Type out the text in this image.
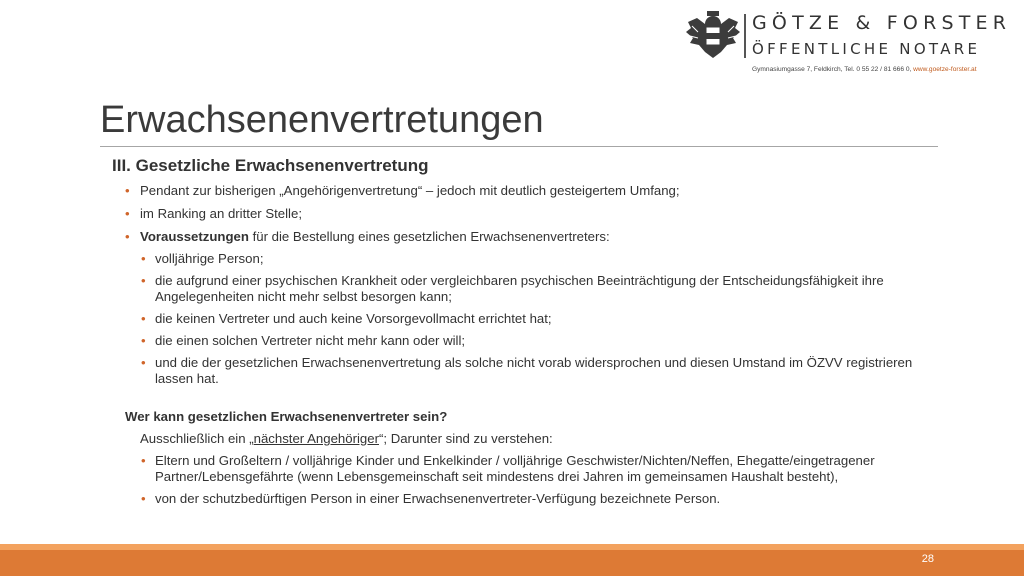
GÖTZE & FORSTER
ÖFFENTLICHE NOTARE
Gymnasiumgasse 7, Feldkirch, Tel. 0 55 22 / 81 666 0, www.goetze-forster.at
Erwachsenenvertretungen
III. Gesetzliche Erwachsenenvertretung
• Pendant zur bisherigen „Angehörigenvertretung“ – jedoch mit deutlich gesteigertem Umfang;
• im Ranking an dritter Stelle;
• Voraussetzungen für die Bestellung eines gesetzlichen Erwachsenenvertreters:
• volljährige Person;
• die aufgrund einer psychischen Krankheit oder vergleichbaren psychischen Beeinträchtigung der Entscheidungsfähigkeit ihre Angelegenheiten nicht mehr selbst besorgen kann;
• die keinen Vertreter und auch keine Vorsorgevollmacht errichtet hat;
• die einen solchen Vertreter nicht mehr kann oder will;
• und die der gesetzlichen Erwachsenenvertretung als solche nicht vorab widersprochen und diesen Umstand im ÖZVV registrieren lassen hat.
Wer kann gesetzlichen Erwachsenenvertreter sein?
Ausschließlich ein „nächster Angehöriger“; Darunter sind zu verstehen:
• Eltern und Großeltern / volljährige Kinder und Enkelkinder / volljährige Geschwister/Nichten/Neffen, Ehegatte/eingetragener Partner/Lebensgefährte (wenn Lebensgemeinschaft seit mindestens drei Jahren im gemeinsamen Haushalt besteht),
• von der schutzbedürftigen Person in einer Erwachsenenvertreter-Verfügung bezeichnete Person.
28
